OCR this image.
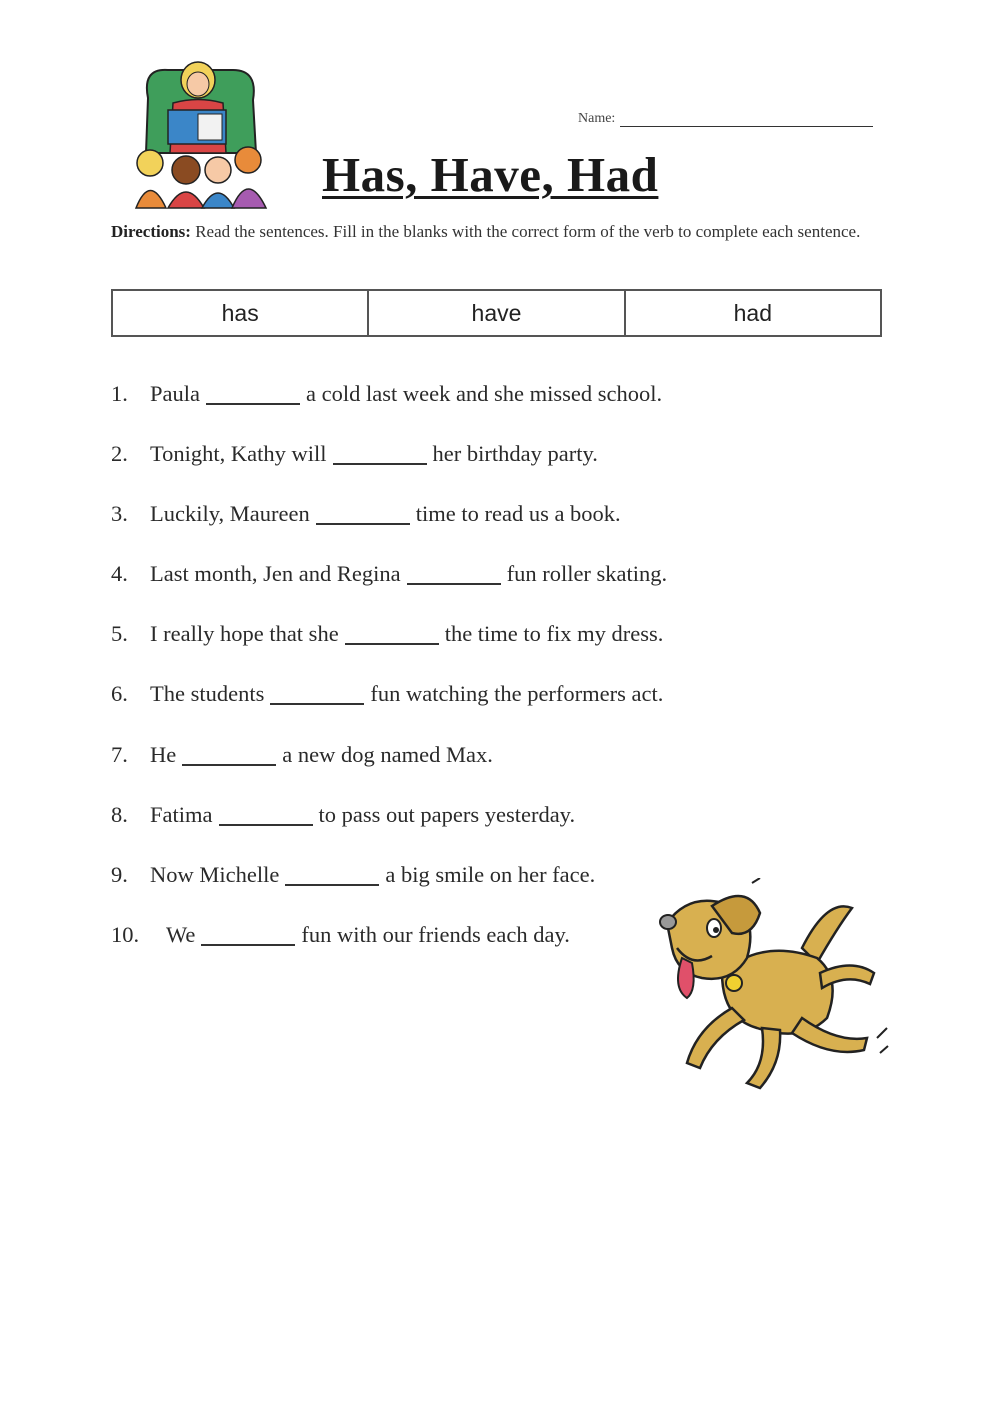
Name:
Has, Have, Had
Directions: Read the sentences. Fill in the blanks with the correct form of the verb to complete each sentence.
has	have	had
1. Paula	a cold last week and she missed school.
2. Tonight, Kathy will	her birthday party.
3. Luckily, Maureen	time to read us a book.
4. Last month, Jen and Regina	fun roller skating.
5. I really hope that she	the time to fix my dress.
6. The students	fun watching the performers act.
7. He	a new dog named Max.
8. Fatima	to pass out papers yesterday.
9. Now Michelle	a big smile on her face.
10.	We	fun with our friends each day.
